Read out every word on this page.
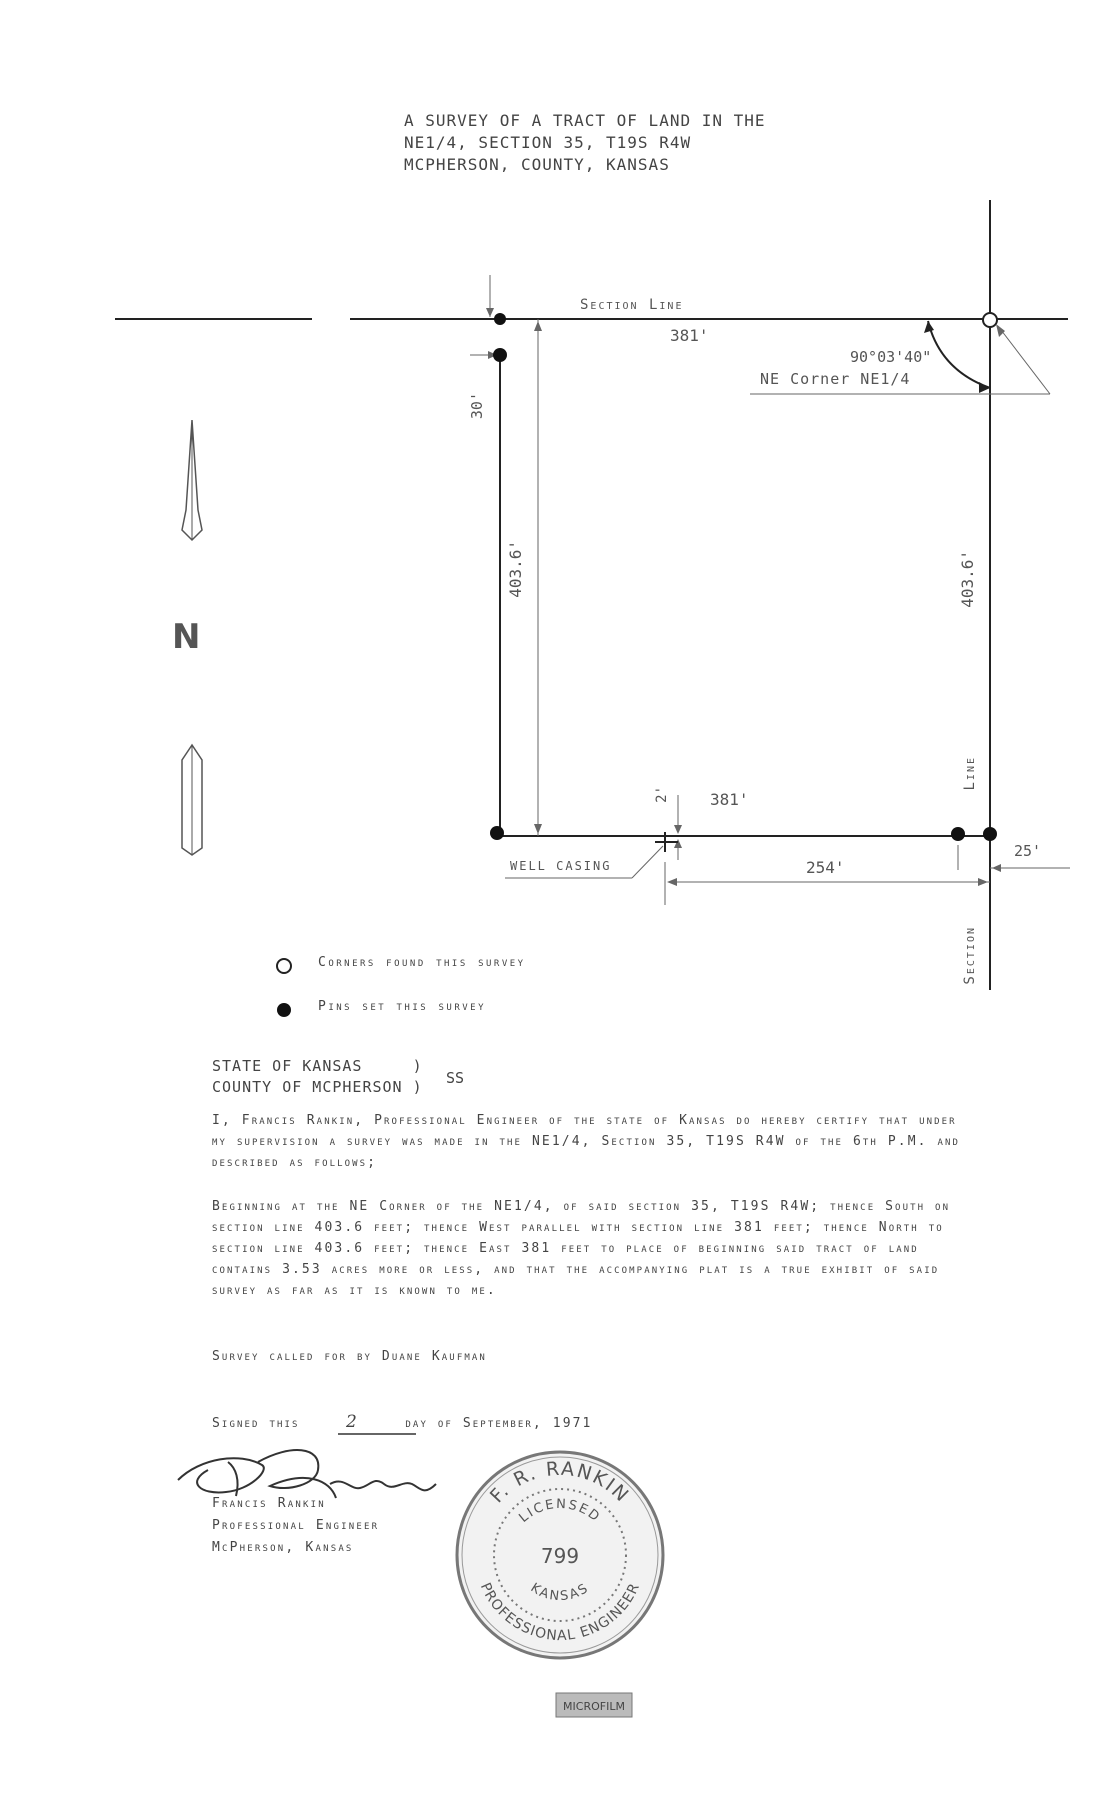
A SURVEY OF A TRACT OF LAND IN THE
NE1/4, SECTION 35, T19S R4W
MCPHERSON, COUNTY, KANSAS
F. R. RANKIN
PROFESSIONAL ENGINEER
LICENSED
KANSAS
799
MICROFILM
Section Line
381'
90°03'40"
NE Corner NE1/4
30'
403.6'	403.6'
2'	381'
WELL CASING	254'
25'
Line
Section
N
Corners found this survey
Pins set this survey
STATE OF KANSAS     )
COUNTY OF MCPHERSON ) SS
I, Francis Rankin, Professional Engineer of the state of Kansas do hereby certify that under my supervision a survey was made in the NE1/4, Section 35, T19S R4W of the 6th P.M. and described as follows;
Beginning at the NE Corner of the NE1/4, of said section 35, T19S R4W; thence South on section line 403.6 feet; thence West parallel with section line 381 feet; thence North to section line 403.6 feet; thence East 381 feet to place of beginning said tract of land contains 3.53 acres more or less, and that the accompanying plat is a true exhibit of said survey as far as it is known to me.
Survey called for by Duane Kaufman
Signed this	2	day of September, 1971
Francis Rankin
Professional Engineer
McPherson, Kansas
